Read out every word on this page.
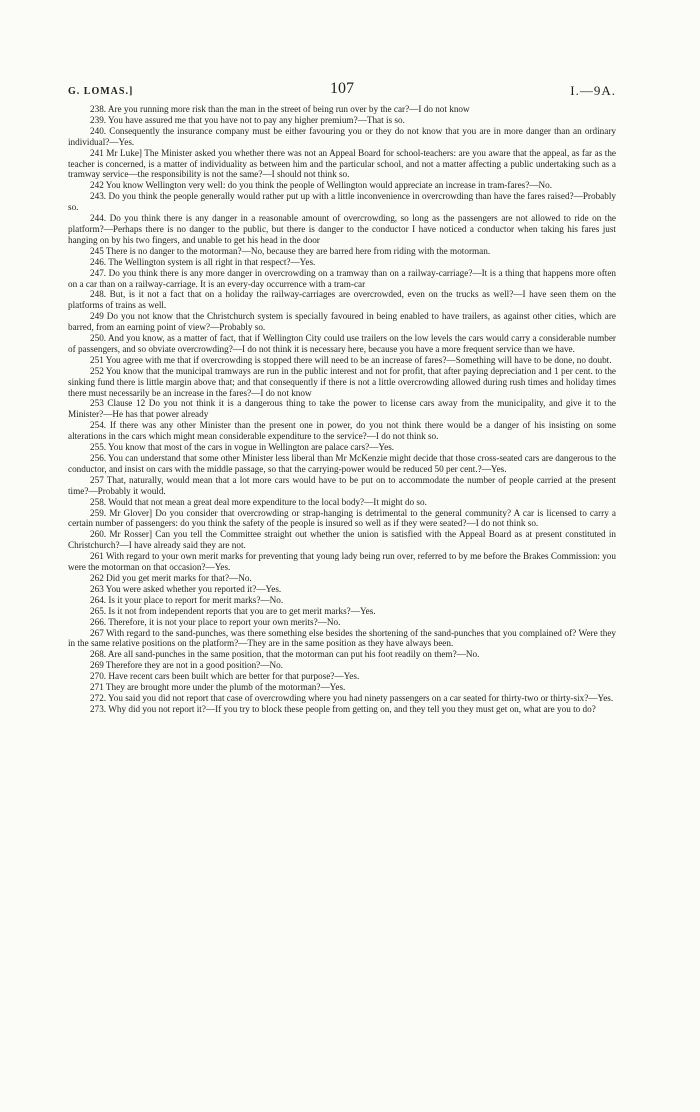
G. LOMAS.]	107	I.—9A.

238. Are you running more risk than the man in the street of being run over by the car?—I do not know

239. You have assured me that you have not to pay any higher premium?—That is so.

240. Consequently the insurance company must be either favouring you or they do not know that you are in more danger than an ordinary individual?—Yes.

241 Mr Luke] The Minister asked you whether there was not an Appeal Board for school-teachers: are you aware that the appeal, as far as the teacher is concerned, is a matter of individuality as between him and the particular school, and not a matter affecting a public undertaking such as a tramway service—the responsibility is not the same?—I should not think so.

242 You know Wellington very well: do you think the people of Wellington would appreciate an increase in tram-fares?—No.

243. Do you think the people generally would rather put up with a little inconvenience in overcrowding than have the fares raised?—Probably so.

244. Do you think there is any danger in a reasonable amount of overcrowding, so long as the passengers are not allowed to ride on the platform?—Perhaps there is no danger to the public, but there is danger to the conductor I have noticed a conductor when taking his fares just hanging on by his two fingers, and unable to get his head in the door

245 There is no danger to the motorman?—No, because they are barred here from riding with the motorman.

246. The Wellington system is all right in that respect?—Yes.

247. Do you think there is any more danger in overcrowding on a tramway than on a railway-carriage?—It is a thing that happens more often on a car than on a railway-carriage. It is an every-day occurrence with a tram-car

248. But, is it not a fact that on a holiday the railway-carriages are overcrowded, even on the trucks as well?—I have seen them on the platforms of trains as well.

249 Do you not know that the Christchurch system is specially favoured in being enabled to have trailers, as against other cities, which are barred, from an earning point of view?—Probably so.

250. And you know, as a matter of fact, that if Wellington City could use trailers on the low levels the cars would carry a considerable number of passengers, and so obviate overcrowding?—I do not think it is necessary here, because you have a more frequent service than we have.

251 You agree with me that if overcrowding is stopped there will need to be an increase of fares?—Something will have to be done, no doubt.

252 You know that the municipal tramways are run in the public interest and not for profit, that after paying depreciation and 1 per cent. to the sinking fund there is little margin above that; and that consequently if there is not a little overcrowding allowed during rush times and holiday times there must necessarily be an increase in the fares?—I do not know

253 Clause 12 Do you not think it is a dangerous thing to take the power to license cars away from the municipality, and give it to the Minister?—He has that power already

254. If there was any other Minister than the present one in power, do you not think there would be a danger of his insisting on some alterations in the cars which might mean considerable expenditure to the service?—I do not think so.

255. You know that most of the cars in vogue in Wellington are palace cars?—Yes.

256. You can understand that some other Minister less liberal than Mr McKenzie might decide that those cross-seated cars are dangerous to the conductor, and insist on cars with the middle passage, so that the carrying-power would be reduced 50 per cent.?—Yes.

257 That, naturally, would mean that a lot more cars would have to be put on to accommodate the number of people carried at the present time?—Probably it would.

258. Would that not mean a great deal more expenditure to the local body?—It might do so.

259. Mr Glover] Do you consider that overcrowding or strap-hanging is detrimental to the general community? A car is licensed to carry a certain number of passengers: do you think the safety of the people is insured so well as if they were seated?—I do not think so.

260. Mr Rosser] Can you tell the Committee straight out whether the union is satisfied with the Appeal Board as at present constituted in Christchurch?—I have already said they are not.

261 With regard to your own merit marks for preventing that young lady being run over, referred to by me before the Brakes Commission: you were the motorman on that occasion?—Yes.

262 Did you get merit marks for that?—No.

263 You were asked whether you reported it?—Yes.

264. Is it your place to report for merit marks?—No.

265. Is it not from independent reports that you are to get merit marks?—Yes.

266. Therefore, it is not your place to report your own merits?—No.

267 With regard to the sand-punches, was there something else besides the shortening of the sand-punches that you complained of? Were they in the same relative positions on the platform?—They are in the same position as they have always been.

268. Are all sand-punches in the same position, that the motorman can put his foot readily on them?—No.

269 Therefore they are not in a good position?—No.

270. Have recent cars been built which are better for that purpose?—Yes.

271 They are brought more under the plumb of the motorman?—Yes.

272. You said you did not report that case of overcrowding where you had ninety passengers on a car seated for thirty-two or thirty-six?—Yes.

273. Why did you not report it?—If you try to block these people from getting on, and they tell you they must get on, what are you to do?
